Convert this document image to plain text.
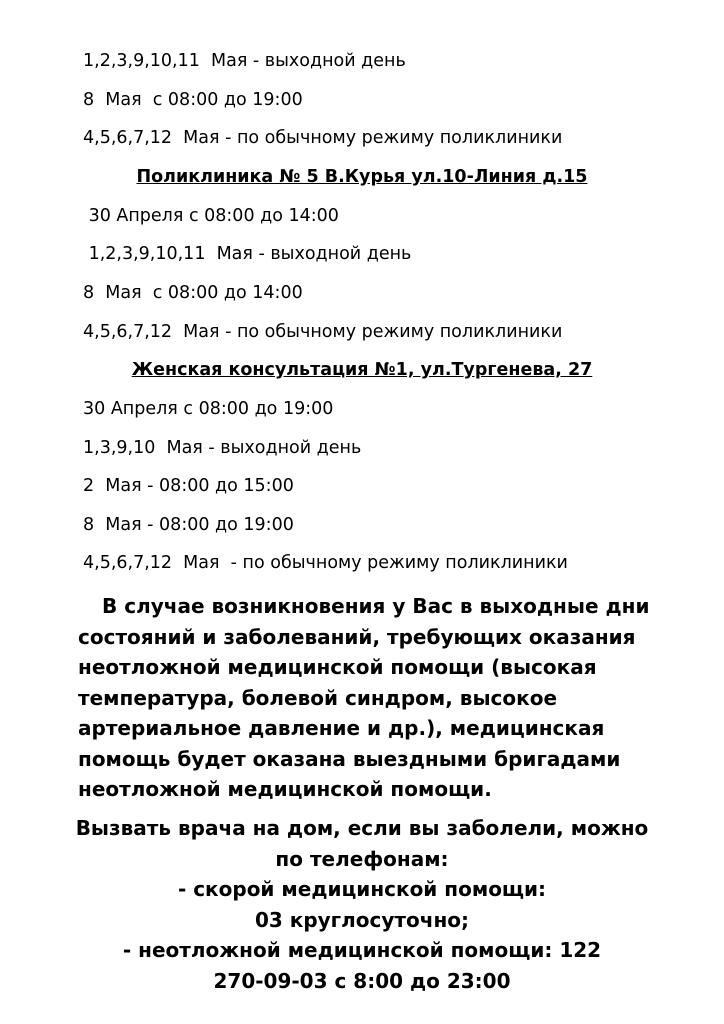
1,2,3,9,10,11  Мая - выходной день
8  Мая  с 08:00 до 19:00
4,5,6,7,12  Мая - по обычному режиму поликлиники
Поликлиника № 5 В.Курья ул.10-Линия д.15
30 Апреля с 08:00 до 14:00
1,2,3,9,10,11  Мая - выходной день
8  Мая  с 08:00 до 14:00
4,5,6,7,12  Мая - по обычному режиму поликлиники
Женская консультация №1, ул.Тургенева, 27
30 Апреля с 08:00 до 19:00
1,3,9,10  Мая - выходной день
2  Мая - 08:00 до 15:00
8  Мая - 08:00 до 19:00
4,5,6,7,12  Мая  - по обычному режиму поликлиники
В случае возникновения у Вас в выходные дни
состояний и заболеваний, требующих оказания
неотложной медицинской помощи (высокая
температура, болевой синдром, высокое
артериальное давление и др.), медицинская
помощь будет оказана выездными бригадами
неотложной медицинской помощи.
Вызвать врача на дом, если вы заболели, можно
по телефонам:
- скорой медицинской помощи:
03 круглосуточно;
- неотложной медицинской помощи: 122
270-09-03 с 8:00 до 23:00
